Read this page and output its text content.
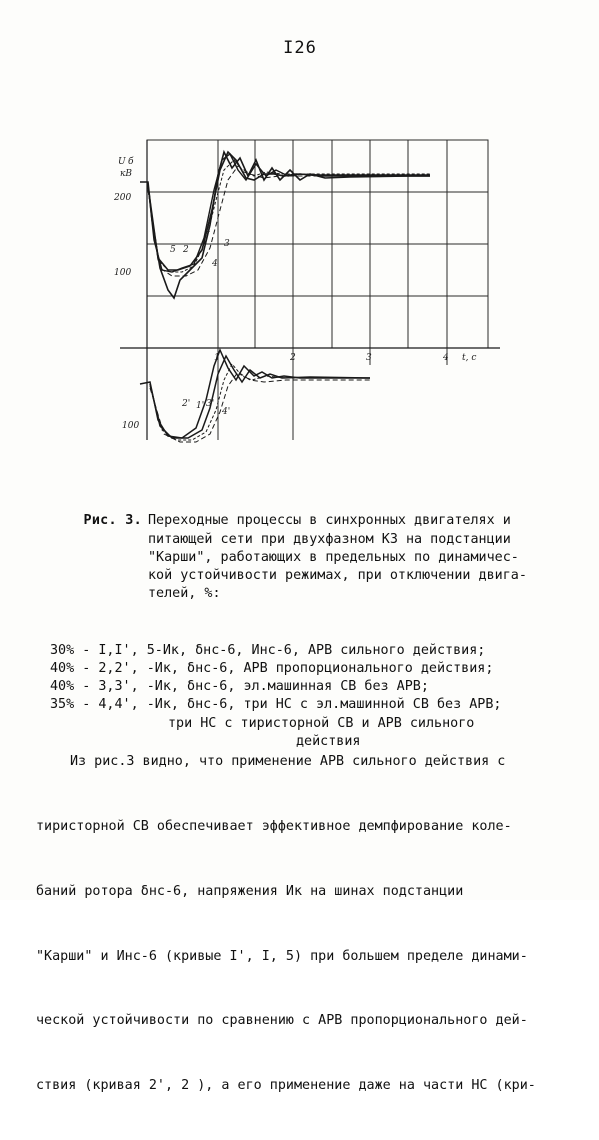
I26
U б
кВ
200
100
100
1	2	3	4 t, c
5 2
1
3
4
2' 1' 3'
4'

Рис. 3. Переходные процессы в синхронных двигателях и
питающей сети при двухфазном КЗ на подстанции
"Карши", работающих в предельных по динамичес-
кой устойчивости режимах, при отключении двига-
телей, %:

30% - I,I', 5-Ик, δнс-6, Инс-6, АРВ сильного действия;
40% - 2,2', -Ик, δнс-6, АРВ пропорционального действия;
40% - 3,3', -Ик, δнс-6, эл.машинная СВ без АРВ;
35% - 4,4', -Ик, δнс-6, три НС с эл.машинной СВ без АРВ;
три НС с тиристорной СВ и АРВ сильного
действия

Из рис.3 видно, что применение АРВ сильного действия с

тиристорной СВ обеспечивает эффективное демпфирование коле-

баний ротора δнс-6, напряжения Ик на шинах подстанции

"Карши" и Инс-6 (кривые I', I, 5) при большем пределе динами-

ческой устойчивости по сравнению с АРВ пропорционального дей-

ствия (кривая 2', 2 ), а его применение даже на части НС (кри-
